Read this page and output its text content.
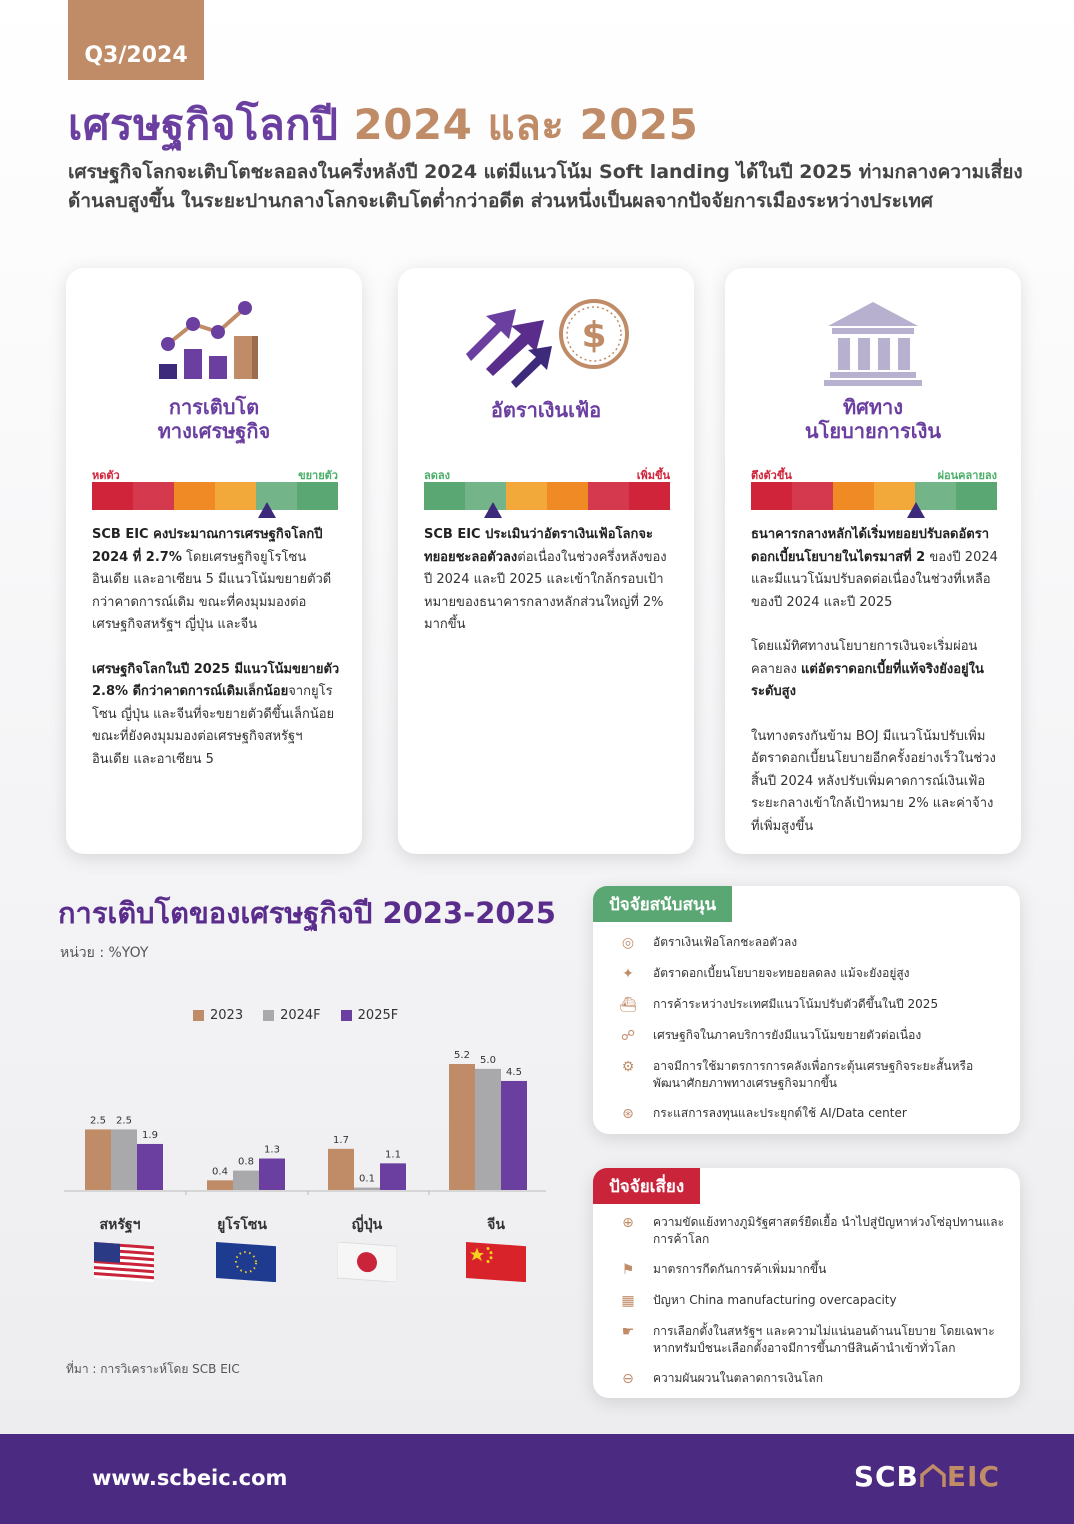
Q3/2024
เศรษฐกิจโลกปี 2024 และ 2025
เศรษฐกิจโลกจะเติบโตชะลอลงในครึ่งหลังปี 2024 แต่มีแนวโน้ม Soft landing ได้ในปี 2025 ท่ามกลางความเสี่ยงด้านลบสูงขึ้น ในระยะปานกลางโลกจะเติบโตต่ำกว่าอดีต ส่วนหนึ่งเป็นผลจากปัจจัยการเมืองระหว่างประเทศ
การเติบโต
ทางเศรษฐกิจ
หดตัว	ขยายตัว

SCB EIC คงประมาณการเศรษฐกิจโลกปี 2024 ที่ 2.7% โดยเศรษฐกิจยูโรโซน อินเดีย และอาเซียน 5 มีแนวโน้มขยายตัวดีกว่าคาดการณ์เดิม ขณะที่คงมุมมองต่อเศรษฐกิจสหรัฐฯ ญี่ปุ่น และจีน

เศรษฐกิจโลกในปี 2025 มีแนวโน้มขยายตัว 2.8% ดีกว่าคาดการณ์เดิมเล็กน้อยจากยูโรโซน ญี่ปุ่น และจีนที่จะขยายตัวดีขึ้นเล็กน้อย ขณะที่ยังคงมุมมองต่อเศรษฐกิจสหรัฐฯ อินเดีย และอาเซียน 5

$
อัตราเงินเฟ้อ
ลดลง	เพิ่มขึ้น

SCB EIC ประเมินว่าอัตราเงินเฟ้อโลกจะทยอยชะลอตัวลงต่อเนื่องในช่วงครึ่งหลังของปี 2024 และปี 2025 และเข้าใกล้กรอบเป้าหมายของธนาคารกลางหลักส่วนใหญ่ที่ 2% มากขึ้น

ทิศทาง
นโยบายการเงิน
ตึงตัวขึ้น	ผ่อนคลายลง

ธนาคารกลางหลักได้เริ่มทยอยปรับลดอัตราดอกเบี้ยนโยบายในไตรมาสที่ 2 ของปี 2024 และมีแนวโน้มปรับลดต่อเนื่องในช่วงที่เหลือของปี 2024 และปี 2025

โดยแม้ทิศทางนโยบายการเงินจะเริ่มผ่อนคลายลง แต่อัตราดอกเบี้ยที่แท้จริงยังอยู่ในระดับสูง

ในทางตรงกันข้าม BOJ มีแนวโน้มปรับเพิ่มอัตราดอกเบี้ยนโยบายอีกครั้งอย่างเร็วในช่วงสิ้นปี 2024 หลังปรับเพิ่มคาดการณ์เงินเฟ้อระยะกลางเข้าใกล้เป้าหมาย 2% และค่าจ้างที่เพิ่มสูงขึ้น

การเติบโตของเศรษฐกิจปี 2023-2025
หน่วย : %YOY
2023	2024F	2025F
2.5 2.5
1.9
0.4
0.8
1.3
1.7
0.1
1.1
5.2 5.0
4.5
สหรัฐฯ	ยูโรโซน	ญี่ปุ่น	จีน
ที่มา : การวิเคราะห์โดย SCB EIC
ปัจจัยสนับสนุน
◎	อัตราเงินเฟ้อโลกชะลอตัวลง
✦	อัตราดอกเบี้ยนโยบายจะทยอยลดลง แม้จะยังอยู่สูง
⛴ การค้าระหว่างประเทศมีแนวโน้มปรับตัวดีขึ้นในปี 2025
☍	เศรษฐกิจในภาคบริการยังมีแนวโน้มขยายตัวต่อเนื่อง
⚙	อาจมีการใช้มาตรการการคลังเพื่อกระตุ้นเศรษฐกิจระยะสั้นหรือพัฒนาศักยภาพทางเศรษฐกิจมากขึ้น
⊛	กระแสการลงทุนและประยุกต์ใช้ AI/Data center
ปัจจัยเสี่ยง
⊕	ความขัดแย้งทางภูมิรัฐศาสตร์ยืดเยื้อ นำไปสู่ปัญหาห่วงโซ่อุปทานและการค้าโลก
⚑	มาตรการกีดกันการค้าเพิ่มมากขึ้น
▦	ปัญหา China manufacturing overcapacity
☛	การเลือกตั้งในสหรัฐฯ และความไม่แน่นอนด้านนโยบาย โดยเฉพาะหากทรัมป์ชนะเลือกตั้งอาจมีการขึ้นภาษีสินค้านำเข้าทั่วโลก
⊖	ความผันผวนในตลาดการเงินโลก
www.scbeic.com	SCB EIC
